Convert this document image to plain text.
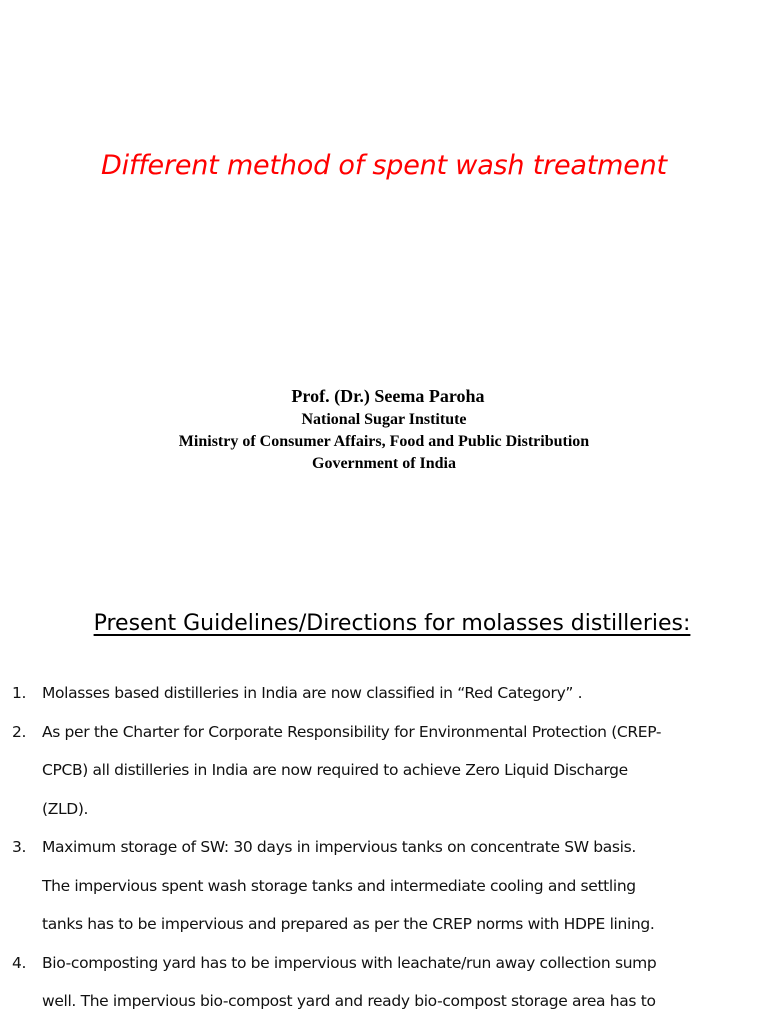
Different method of spent wash treatment
Prof. (Dr.) Seema Paroha
National Sugar Institute
Ministry of Consumer Affairs, Food and Public Distribution
Government of India
Present Guidelines/Directions for molasses distilleries:
1. Molasses based distilleries in India are now classified in “Red Category” .
2. As per the Charter for Corporate Responsibility for Environmental Protection (CREP-
CPCB) all distilleries in India are now required to achieve Zero Liquid Discharge
(ZLD).
3. Maximum storage of SW: 30 days in impervious tanks on concentrate SW basis.
The impervious spent wash storage tanks and intermediate cooling and settling
tanks has to be impervious and prepared as per the CREP norms with HDPE lining.
4. Bio-composting yard has to be impervious with leachate/run away collection sump
well. The impervious bio-compost yard and ready bio-compost storage area has to
